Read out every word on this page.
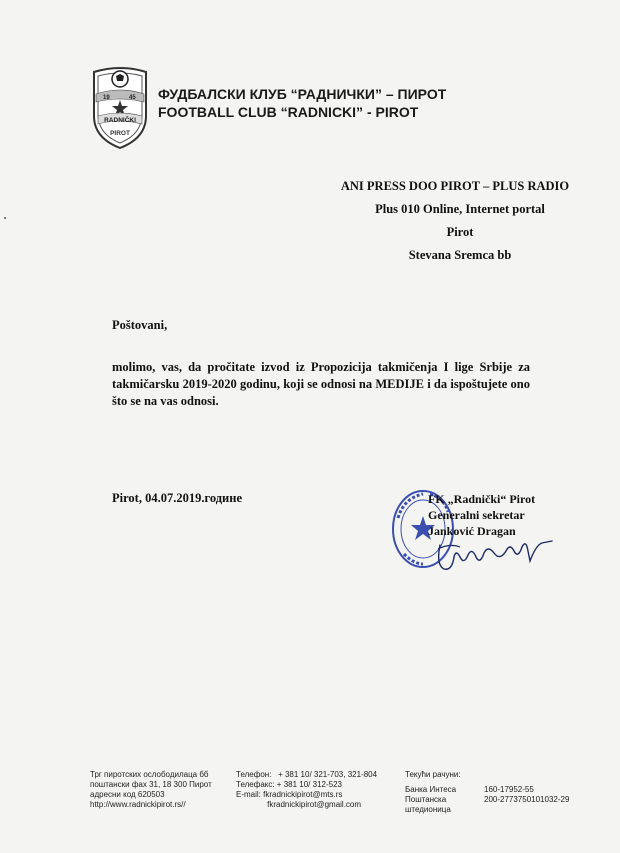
19	45
RADNIČKI
PIROT
ФУДБАЛСКИ КЛУБ “РАДНИЧКИ” – ПИРОТ
FOOTBALL CLUB “RADNICKI” - PIROT
ANI PRESS DOO PIROT – PLUS RADIO
Plus 010 Online, Internet portal
Pirot
Stevana Sremca bb
Poštovani,
molimo, vas, da pročitate izvod iz Propozicija takmičenja I lige Srbije za takmičarsku 2019-2020 godinu, koji se odnosi na MEDIJE i da ispoštujete ono što se na vas odnosi.
Pirot, 04.07.2019.године	FK „Radnički“ Pirot
Generalni sekretar
Janković Dragan
Трг пиротских ослободилаца бб
поштански фах 31, 18 300 Пирот
адресни код 620503
http://www.radnickipirot.rs//
Телефон:   + 381 10/ 321-703, 321-804
Телефакс: + 381 10/ 312-523
E-mail: fkradnickipirot@mts.rs
fkradnickipirot@gmail.com
Текући рачуни:
Банка Интеса	160-17952-55
Поштанска	200-2773750101032-29
штедионица
